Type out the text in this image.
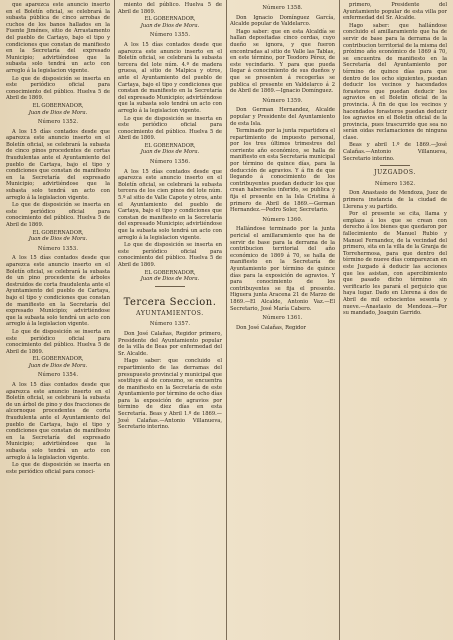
que aparezca este anuncio inserto en el Boletín oficial, se celebrará la subasta pública de cinco arrobas de cuchos de los banos hallados en la Fuente Jiménes, sitio de Arrastamento del pueblo de Cartayo, bajo el tipo y condiciones que constan de manifiesto en la Secretaría del expresado Municipio; advirtiéndose que la subasta solo tendrá un acto con arreglo á la legislacion vigente.

Lo que de disposición se inserta en este periódico oficial para conocimiento del público. Huelva 5 de Abril de 1869.

EL GOBERNADOR,
Juan de Dios de Mora.
Número 1352.

A los 15 días contados desde que aparezca este anuncio inserto en el Boletín oficial, se celebrará la subasta de cinco pinos procedentes de cortas fraudulentas ante el Ayuntamiento del pueblo de Cartaya, bajo el tipo y condiciones que constan de manifiesto en la Secretaría del expresado Municipio; advirtiéndose que la subasta solo tendrá un acto con arreglo á la legislacion vigente.

Lo que de disposición se inserta en este periódico oficial para conocimiento del público. Huelva 5 de Abril de 1869.

EL GOBERNADOR,
Juan de Dios de Mora.
Número 1353.

A los 15 días contados desde que aparezca este anuncio inserto en el Boletín oficial, se celebrará la subasta de un pino procedente de árboles destruidos de corta fraudulenta ante el Ayuntamiento del pueblo de Cartaya, bajo el tipo y condiciones que constan de manifiesto en la Secretaría del expresado Municipio; advirtiéndose que la subasta solo tendrá un acto con arreglo á la legislacion vigente.

Lo que de disposición se inserta en este periódico oficial para conocimiento del público. Huelva 5 de Abril de 1869.

EL GOBERNADOR,
Juan de Dios de Mora.
Número 1354.

A los 15 días contados desde que aparezca este anuncio inserto en el Boletín oficial, se celebrará la subasta de un árbol de pino y dos fracciones de alcornoque procedentes de corta fraudulenta ante el Ayuntamiento del pueblo de Cartaya, bajo el tipo y condiciones que constan de manifiesto en la Secretaría del expresado Municipio; advirtiéndose que la subasta solo tendrá un acto con arreglo á la legislacion vigente.

Lo que de disposición se inserta en este periódico oficial para conoci-

miento del público. Huelva 5 de Abril de 1869.

EL GOBERNADOR,
Juan de Dios de Mora.
Número 1355.

A los 15 días contados desde que aparezca este anuncio inserto en el Boletín oficial, se celebrará la subasta tercera del lote núm. 4.º de madera gruesa, al sitio de Malpica y otros, ante el Ayuntamiento del pueblo de Cartaya, bajo el tipo y condiciones que constan de manifiesto en la Secretaría del expresado Municipio; advirtiéndose que la subasta solo tendrá un acto con arreglo á la legislacion vigente.

Lo que de disposición se inserta en este periódico oficial para conocimiento del público. Huelva 5 de Abril de 1869.

EL GOBERNADOR,
Juan de Dios de Mora.
Número 1356.

A los 15 días contados desde que aparezca este anuncio inserto en el Boletín oficial, se celebrará la subasta tercera de los cien pinos del lote núm. 5.º al sitio de Valle Capote y otros, ante el Ayuntamiento del pueblo de Cartaya, bajo el tipo y condiciones que constan de manifiesto en la Secretaría del expresado Municipio; advirtiéndose que la subasta solo tendrá un acto con arreglo á la legislacion vigente.

Lo que de disposición se inserta en este periódico oficial para conocimiento del público. Huelva 5 de Abril de 1869.

EL GOBERNADOR,
Juan de Dios de Mora.
Tercera Seccion.
AYUNTAMIENTOS.
Número 1357.

Don José Calañas, Regidor primero, Presidente del Ayuntamiento popular de la villa de Beas por enfermedad del Sr. Alcalde.

Hago saber: que concluido el repartimiento de las derramas del presupuesto provincial y municipal que sostituye al de consumo, se encuentra de manifiesto en la Secretaría de este Ayuntamiento por término de ocho días para la exposición de agravios por término de diez días en esta Secretaría. Beas y Abril 1.º de 1869.—José Calañas.—Antonio Villanueva, Secretario interino.

Número 1358.

Don Ignacio Domínguez García, Alcalde popular de Valdelarco.

Hago saber: que en esta Alcaldía se hallan depositadas cinco cerdas, cuyo dueño se ignora, y que fueron encontradas al sitio de Valle las Tablas, en este término, por Teodoro Pérez, de este vecindario. Y para que pueda llegar á conocimiento de sus dueños y que se presenten á recogerlas se publica el presente en Valdelarco á 2 de Abril de 1869.—Ignacio Domínguez.

Número 1359.

Don German Hernandez, Alcalde popular y Presidente del Ayuntamiento de esta Isla.

Terminado por la junta repartidora el repartimiento de impuesto personal, por los tres últimos trimestres del corriente año económico, se halla de manifiesto en esta Secretaría municipal por término de quince días, para la deducción de agravios. Y á fin de que llegando á conocimiento de los contribuyentes puedan deducir los que crean haberseles inferido, se publica y fija el presente en la Isla Cristina á primero de Abril de 1869.—German Hernandez.—Pedro Soler, Secretario.

Número 1360.

Hallándose terminado por la junta pericial el amillaramiento que ha de servir de base para la derrama de la contribucion territorial del año económico de 1869 á 70, se halla de manifiesto en la Secretaría de Ayuntamiento por término de quince días para la exposición de agravios. Y para conocimiento de los contribuyentes se fija el presente. Higuera junta Aracena 21 de Marzo de 1869.—El Alcalde, Antonio Vaz.—El Secretario, José María Cabero.

Número 1361.

Don José Calañas, Regidor

primero, Presidente del Ayuntamiento popular de esta villa por enfermedad del Sr. Alcalde.

Hago saber: que hallándose concluido el amillaramiento que ha de servir de base para la derrama de la contribucion territorial de la misma del próximo año económico de 1869 á 70, se encuentra de manifiesto en la Secretaría del Ayuntamiento por término de quince días para que dentro de los ocho siguientes, puedan deducir los vecinos y hacendados forasteros que puedan deducir los agravios en el Boletín oficial de la provincia. Á fin de que los vecinos y hacendados forasteros puedan deducir los agravios en el Boletín oficial de la provincia, pues trascurrido que sea no serán oidas reclamaciones de ninguna clase.

Beas y abril 1.º de 1869.—José Calañas.—Antonio Villanueva, Secretario interino.

JUZGADOS.
Número 1362.

Don Anastasio de Mendoza, Juez de primera instancia de la ciudad de Llerena y su partido.

Por el presente se cita, llama y emplaza á los que se crean con derecho á los bienes que quedaron por fallecimiento de Manuel Rubio y Manuel Fernandez, de la vecindad del primero, sita en la villa de la Granja de Torrehermosa, para que dentro del término de nueve días comparezcan en este Juzgado á deducir las acciones que les asistan, con apercibimiento que pasado dicho término sin verificarlo les parará el perjuicio que haya lugar. Dado en Llerena á dos de Abril de mil ochocientos sesenta y nueve.—Anastasio de Mendoza.—Por su mandado, Joaquin Garrido.
